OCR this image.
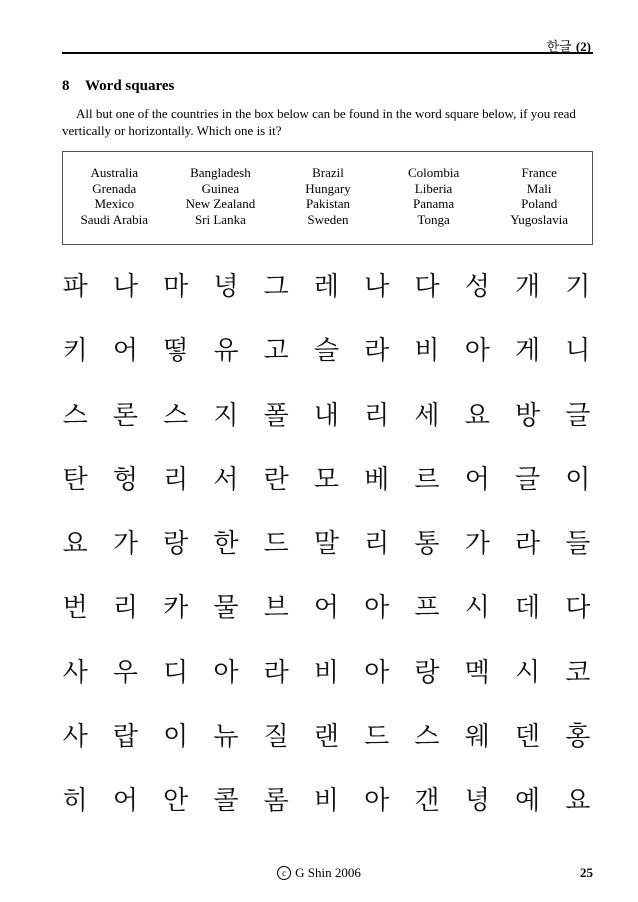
한글 (2)
8 Word squares
All but one of the countries in the box below can be found in the word square below, if you read vertically or horizontally. Which one is it?
Australia
Grenada
Mexico
Saudi Arabia
Bangladesh
Guinea
New Zealand
Sri Lanka
Brazil
Hungary
Pakistan
Sweden
Colombia
Liberia
Panama
Tonga
France
Mali
Poland
Yugoslavia
파 나 마 녕 그 레 나 다 성 개 기
키 어 떻 유 고 슬 라 비 아 게 니
스 론 스 지 폴 내 리 세 요 방 글
탄 헝 리 서 란 모 베 르 어 글 이
요 가 랑 한 드 말 리 통 가 라 들
번 리 카 물 브 어 아 프 시 데 다
사 우 디 아 라 비 아 랑 멕 시 코
사 랍 이 뉴 질 랜 드 스 웨 덴 홍
히 어 안 콜 롬 비 아 갠 녕 예 요
c G Shin 2006	25
